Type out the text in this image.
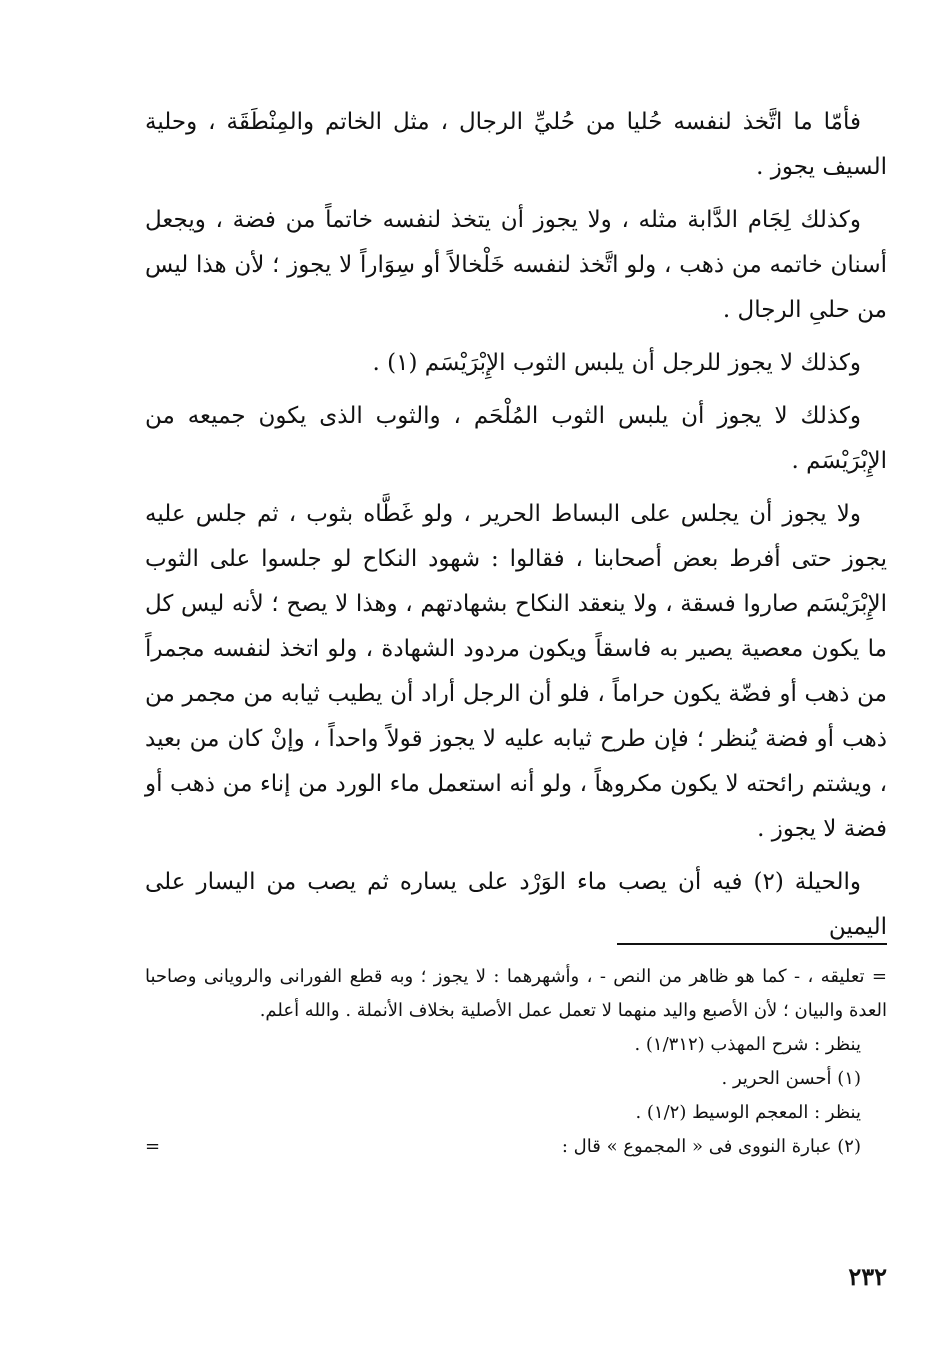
فأمّا ما اتَّخذ لنفسه حُليا من حُليِّ الرجال ، مثل الخاتم والمِنْطَقَة ، وحلية السيف يجوز .

وكذلك لِجَام الدَّابة مثله ، ولا يجوز أن يتخذ لنفسه خاتماً من فضة ، ويجعل أسنان خاتمه من ذهب ، ولو اتَّخذ لنفسه خَلْخالاً أو سِوَاراً لا يجوز ؛ لأن هذا ليس من حلىِ الرجال .

وكذلك لا يجوز للرجل أن يلبس الثوب الإِبْرَيْسَم (١) .

وكذلك لا يجوز أن يلبس الثوب المُلْحَم ، والثوب الذى يكون جميعه من الإِبْرَيْسَم .

ولا يجوز أن يجلس على البساط الحرير ، ولو غَطَّاه بثوب ، ثم جلس عليه يجوز حتى أفرط بعض أصحابنا ، فقالوا : شهود النكاح لو جلسوا على الثوب الإِبْرَيْسَم صاروا فسقة ، ولا ينعقد النكاح بشهادتهم ، وهذا لا يصح ؛ لأنه ليس كل ما يكون معصية يصير به فاسقاً ويكون مردود الشهادة ، ولو اتخذ لنفسه مجمراً من ذهب أو فضّة يكون حراماً ، فلو أن الرجل أراد أن يطيب ثيابه من مجمر من ذهب أو فضة يُنظر ؛ فإن طرح ثيابه عليه لا يجوز قولاً واحداً ، وإنْ كان من بعيد ، ويشتم رائحته لا يكون مكروهاً ، ولو أنه استعمل ماء الورد من إناء من ذهب أو فضة لا يجوز .

والحيلة (٢) فيه أن يصب ماء الوَرْد على يساره ثم يصب من اليسار على اليمين

= تعليقه ، - كما هو ظاهر من النص - ، وأشهرهما : لا يجوز ؛ وبه قطع الفورانى والرويانى وصاحبا العدة والبيان ؛ لأن الأصبع واليد منهما لا تعمل عمل الأصلية بخلاف الأنملة . والله أعلم.

ينظر : شرح المهذب (١/٣١٢) .

(١) أحسن الحرير .

ينظر : المعجم الوسيط (١/٢) .

(٢) عبارة النووى فى « المجموع » قال :
=
٢٣٢
